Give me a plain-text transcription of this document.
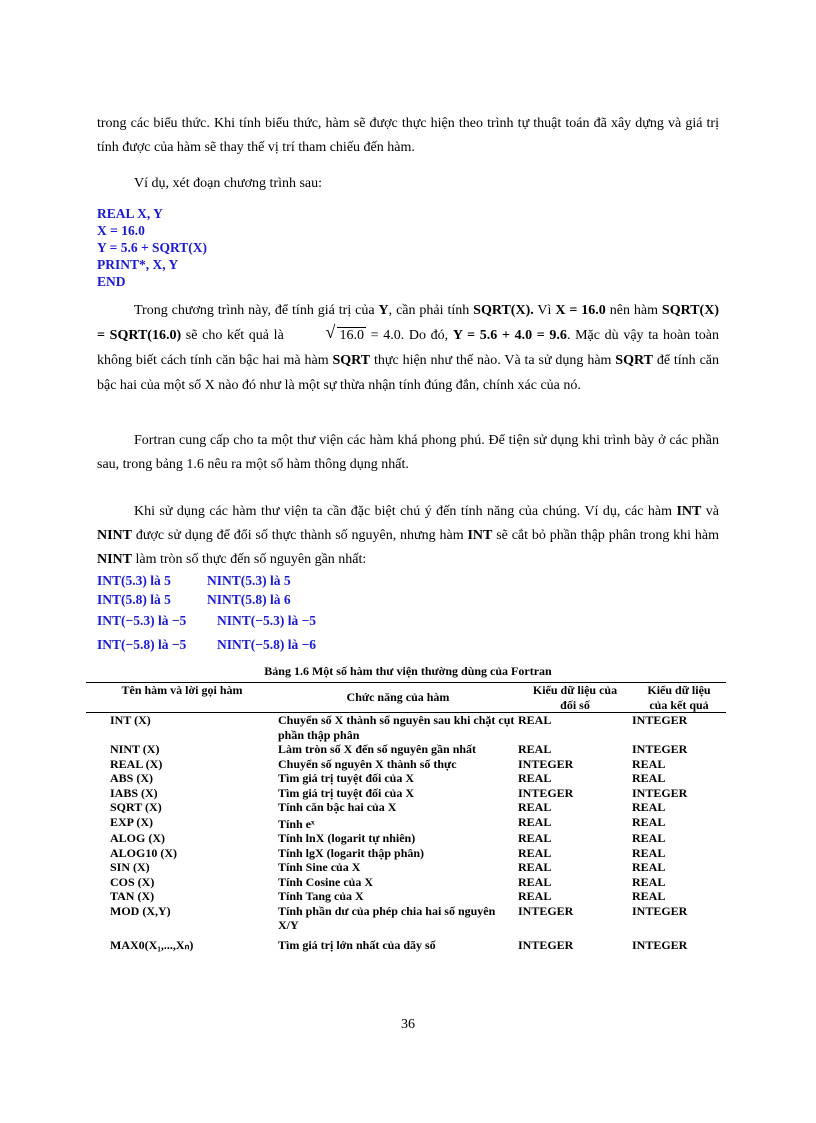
trong các biểu thức. Khi tính biểu thức, hàm sẽ được thực hiện theo trình tự thuật toán đã xây dựng và giá trị tính được của hàm sẽ thay thế vị trí tham chiếu đến hàm.
Ví dụ, xét đoạn chương trình sau:
REAL X, Y
X = 16.0
Y = 5.6 + SQRT(X)
PRINT*, X, Y
END
Trong chương trình này, để tính giá trị của Y, cần phải tính SQRT(X). Vì X = 16.0 nên hàm SQRT(X) = SQRT(16.0) sẽ cho kết quả là	√ 16.0 = 4.0. Do đó, Y = 5.6 + 4.0 = 9.6. Mặc dù vậy ta hoàn toàn không biết cách tính căn bậc hai mà hàm SQRT thực hiện như thế nào. Và ta sử dụng hàm SQRT để tính căn bậc hai của một số X nào đó như là một sự thừa nhận tính đúng đắn, chính xác của nó.
Fortran cung cấp cho ta một thư viện các hàm khá phong phú. Để tiện sử dụng khi trình bày ở các phần sau, trong bảng 1.6 nêu ra một số hàm thông dụng nhất.
Khi sử dụng các hàm thư viện ta cần đặc biệt chú ý đến tính năng của chúng. Ví dụ, các hàm INT và NINT được sử dụng để đổi số thực thành số nguyên, nhưng hàm INT sẽ cắt bỏ phần thập phân trong khi hàm NINT làm tròn số thực đến số nguyên gần nhất:
INT(5.3) là 5	NINT(5.3) là 5
INT(5.8) là 5	NINT(5.8) là 6
INT(−5.3) là −5 NINT(−5.3) là −5
INT(−5.8) là −5 NINT(−5.8) là −6
Bảng 1.6 Một số hàm thư viện thường dùng của Fortran
Tên hàm và lời gọi hàm	Chức năng của hàm	Kiểu dữ liệu của đối số	Kiểu dữ liệu của kết quả
INT (X)	Chuyển số X thành số nguyên sau khi chặt cụt phần thập phân	REAL	INTEGER
NINT (X)	Làm tròn số X đến số nguyên gần nhất	REAL	INTEGER
REAL (X)	Chuyển số nguyên X thành số thực	INTEGER	REAL
ABS (X)	Tìm giá trị tuyệt đối của X	REAL	REAL
IABS (X)	Tìm giá trị tuyệt đối của X	INTEGER	INTEGER
SQRT (X)	Tính căn bậc hai của X	REAL	REAL
EXP (X)	Tính eˣ	REAL	REAL
ALOG (X)	Tính lnX (logarit tự nhiên)	REAL	REAL
ALOG10 (X)	Tính lgX (logarit thập phân)	REAL	REAL
SIN (X)	Tính Sine của X	REAL	REAL
COS (X)	Tính Cosine của X	REAL	REAL
TAN (X)	Tính Tang của X	REAL	REAL
MOD (X,Y)	Tính phần dư của phép chia hai số nguyên X/Y	INTEGER	INTEGER
MAX0(X₁,...,Xₙ)	Tìm giá trị lớn nhất của dãy số	INTEGER	INTEGER
36
